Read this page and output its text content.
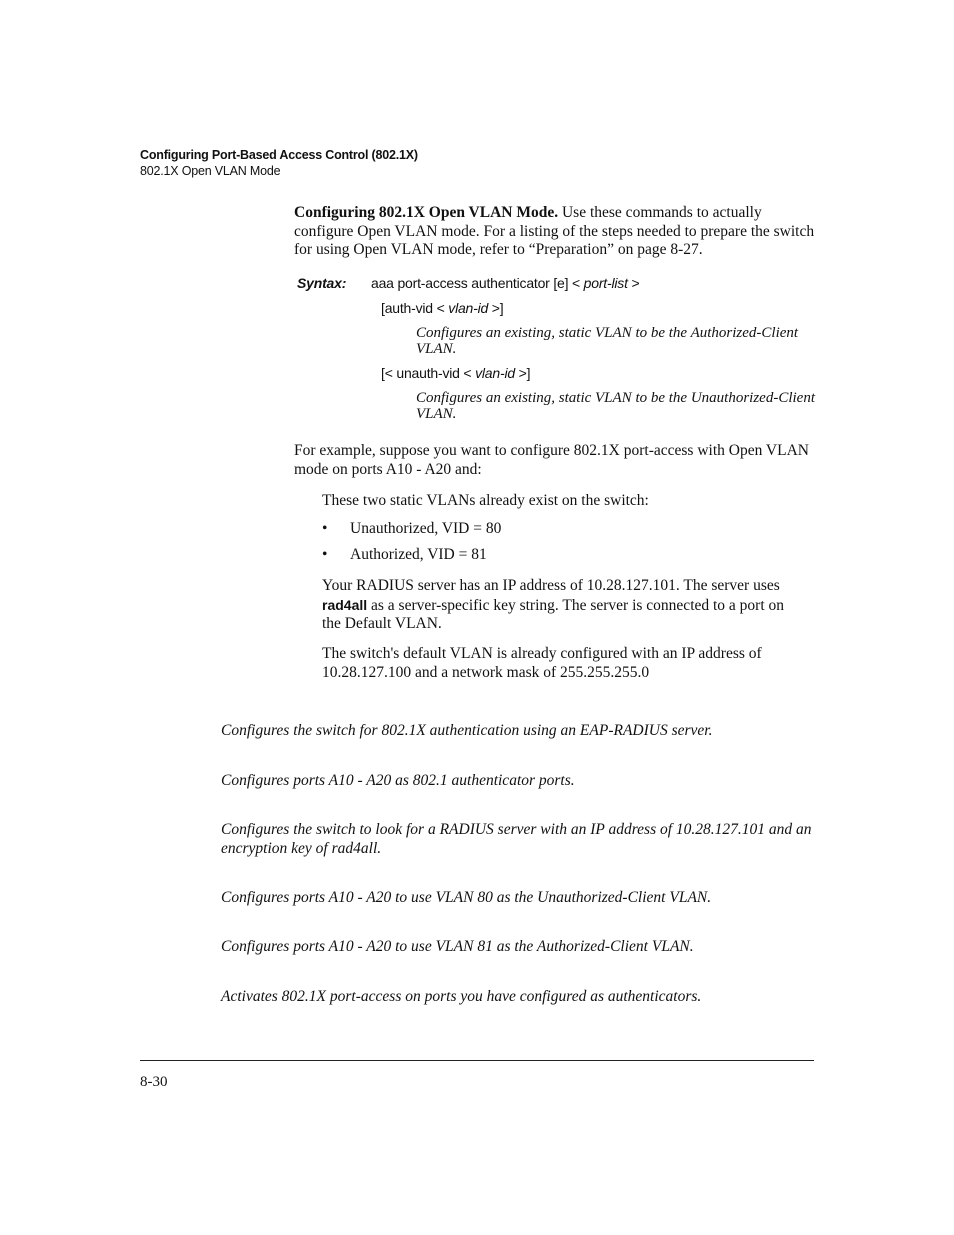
Configuring Port-Based Access Control (802.1X)
802.1X Open VLAN Mode
Configuring 802.1X Open VLAN Mode. Use these commands to actually configure Open VLAN mode. For a listing of the steps needed to prepare the switch for using Open VLAN mode, refer to “Preparation” on page 8-27.
Syntax: aaa port-access authenticator [e] < port-list >
[auth-vid < vlan-id >]
Configures an existing, static VLAN to be the Authorized-Client VLAN.
[< unauth-vid < vlan-id >]
Configures an existing, static VLAN to be the Unauthorized-Client VLAN.
For example, suppose you want to configure 802.1X port-access with Open VLAN mode on ports A10 - A20 and:
These two static VLANs already exist on the switch:
• Unauthorized, VID = 80
• Authorized, VID = 81
Your RADIUS server has an IP address of 10.28.127.101. The server uses rad4all as a server-specific key string. The server is connected to a port on the Default VLAN.
The switch's default VLAN is already configured with an IP address of 10.28.127.100 and a network mask of 255.255.255.0
Configures the switch for 802.1X authentication using an EAP-RADIUS server.
Configures ports A10 - A20 as 802.1 authenticator ports.
Configures the switch to look for a RADIUS server with an IP address of 10.28.127.101 and an encryption key of rad4all.
Configures ports A10 - A20 to use VLAN 80 as the Unauthorized-Client VLAN.
Configures ports A10 - A20 to use VLAN 81 as the Authorized-Client VLAN.
Activates 802.1X port-access on ports you have configured as authenticators.
8-30
